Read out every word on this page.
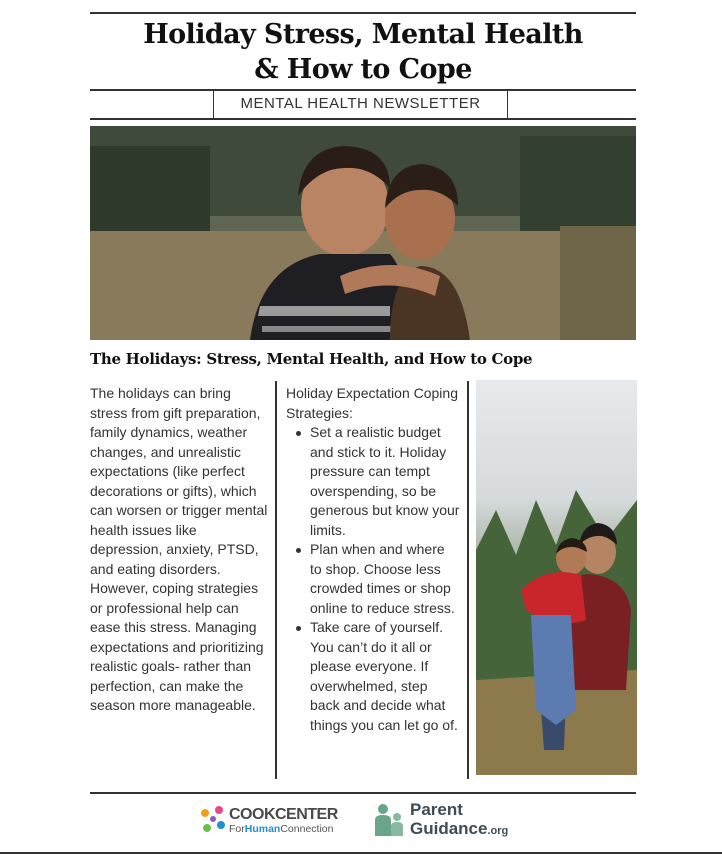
Holiday Stress, Mental Health
& How to Cope
MENTAL HEALTH NEWSLETTER
The Holidays: Stress, Mental Health, and How to Cope
The holidays can bring stress from gift preparation, family dynamics, weather changes, and unrealistic expectations (like perfect decorations or gifts), which can worsen or trigger mental health issues like depression, anxiety, PTSD, and eating disorders. However, coping strategies or professional help can ease this stress. Managing expectations and prioritizing realistic goals- rather than perfection, can make the season more manageable.
Holiday Expectation Coping Strategies:
Set a realistic budget and stick to it. Holiday pressure can tempt overspending, so be generous but know your limits.
Plan when and where to shop. Choose less crowded times or shop online to reduce stress.
Take care of yourself. You can’t do it all or please everyone. If overwhelmed, step back and decide what things you can let go of.
COOKCENTER
ForHumanConnection
Parent
Guidance.org
